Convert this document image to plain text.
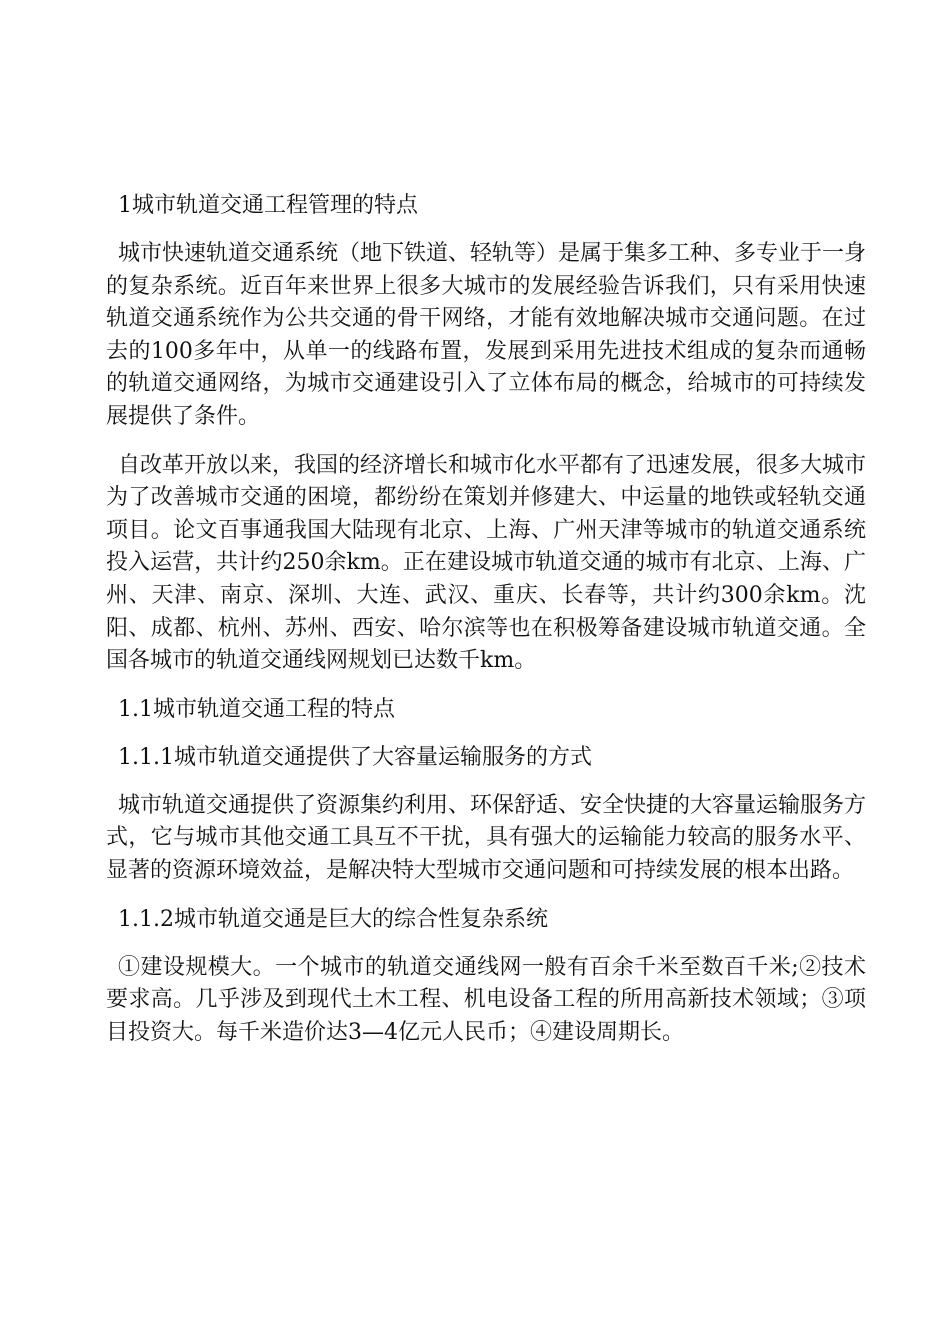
1城市轨道交通工程管理的特点

城市快速轨道交通系统（地下铁道、轻轨等）是属于集多工种、多专业于一身的复杂系统。近百年来世界上很多大城市的发展经验告诉我们，只有采用快速轨道交通系统作为公共交通的骨干网络，才能有效地解决城市交通问题。在过去的100多年中，从单一的线路布置，发展到采用先进技术组成的复杂而通畅的轨道交通网络，为城市交通建设引入了立体布局的概念，给城市的可持续发展提供了条件。

自改革开放以来，我国的经济增长和城市化水平都有了迅速发展，很多大城市为了改善城市交通的困境，都纷纷在策划并修建大、中运量的地铁或轻轨交通项目。论文百事通我国大陆现有北京、上海、广州天津等城市的轨道交通系统投入运营，共计约250余km。正在建设城市轨道交通的城市有北京、上海、广州、天津、南京、深圳、大连、武汉、重庆、长春等，共计约300余km。沈阳、成都、杭州、苏州、西安、哈尔滨等也在积极筹备建设城市轨道交通。全国各城市的轨道交通线网规划已达数千km。

1.1城市轨道交通工程的特点
1.1.1城市轨道交通提供了大容量运输服务的方式

城市轨道交通提供了资源集约利用、环保舒适、安全快捷的大容量运输服务方式，它与城市其他交通工具互不干扰，具有强大的运输能力较高的服务水平、显著的资源环境效益，是解决特大型城市交通问题和可持续发展的根本出路。

1.1.2城市轨道交通是巨大的综合性复杂系统

①建设规模大。一个城市的轨道交通线网一般有百余千米至数百千米;②技术要求高。几乎涉及到现代土木工程、机电设备工程的所用高新技术领域；③项目投资大。每千米造价达3—4亿元人民币；④建设周期长。
